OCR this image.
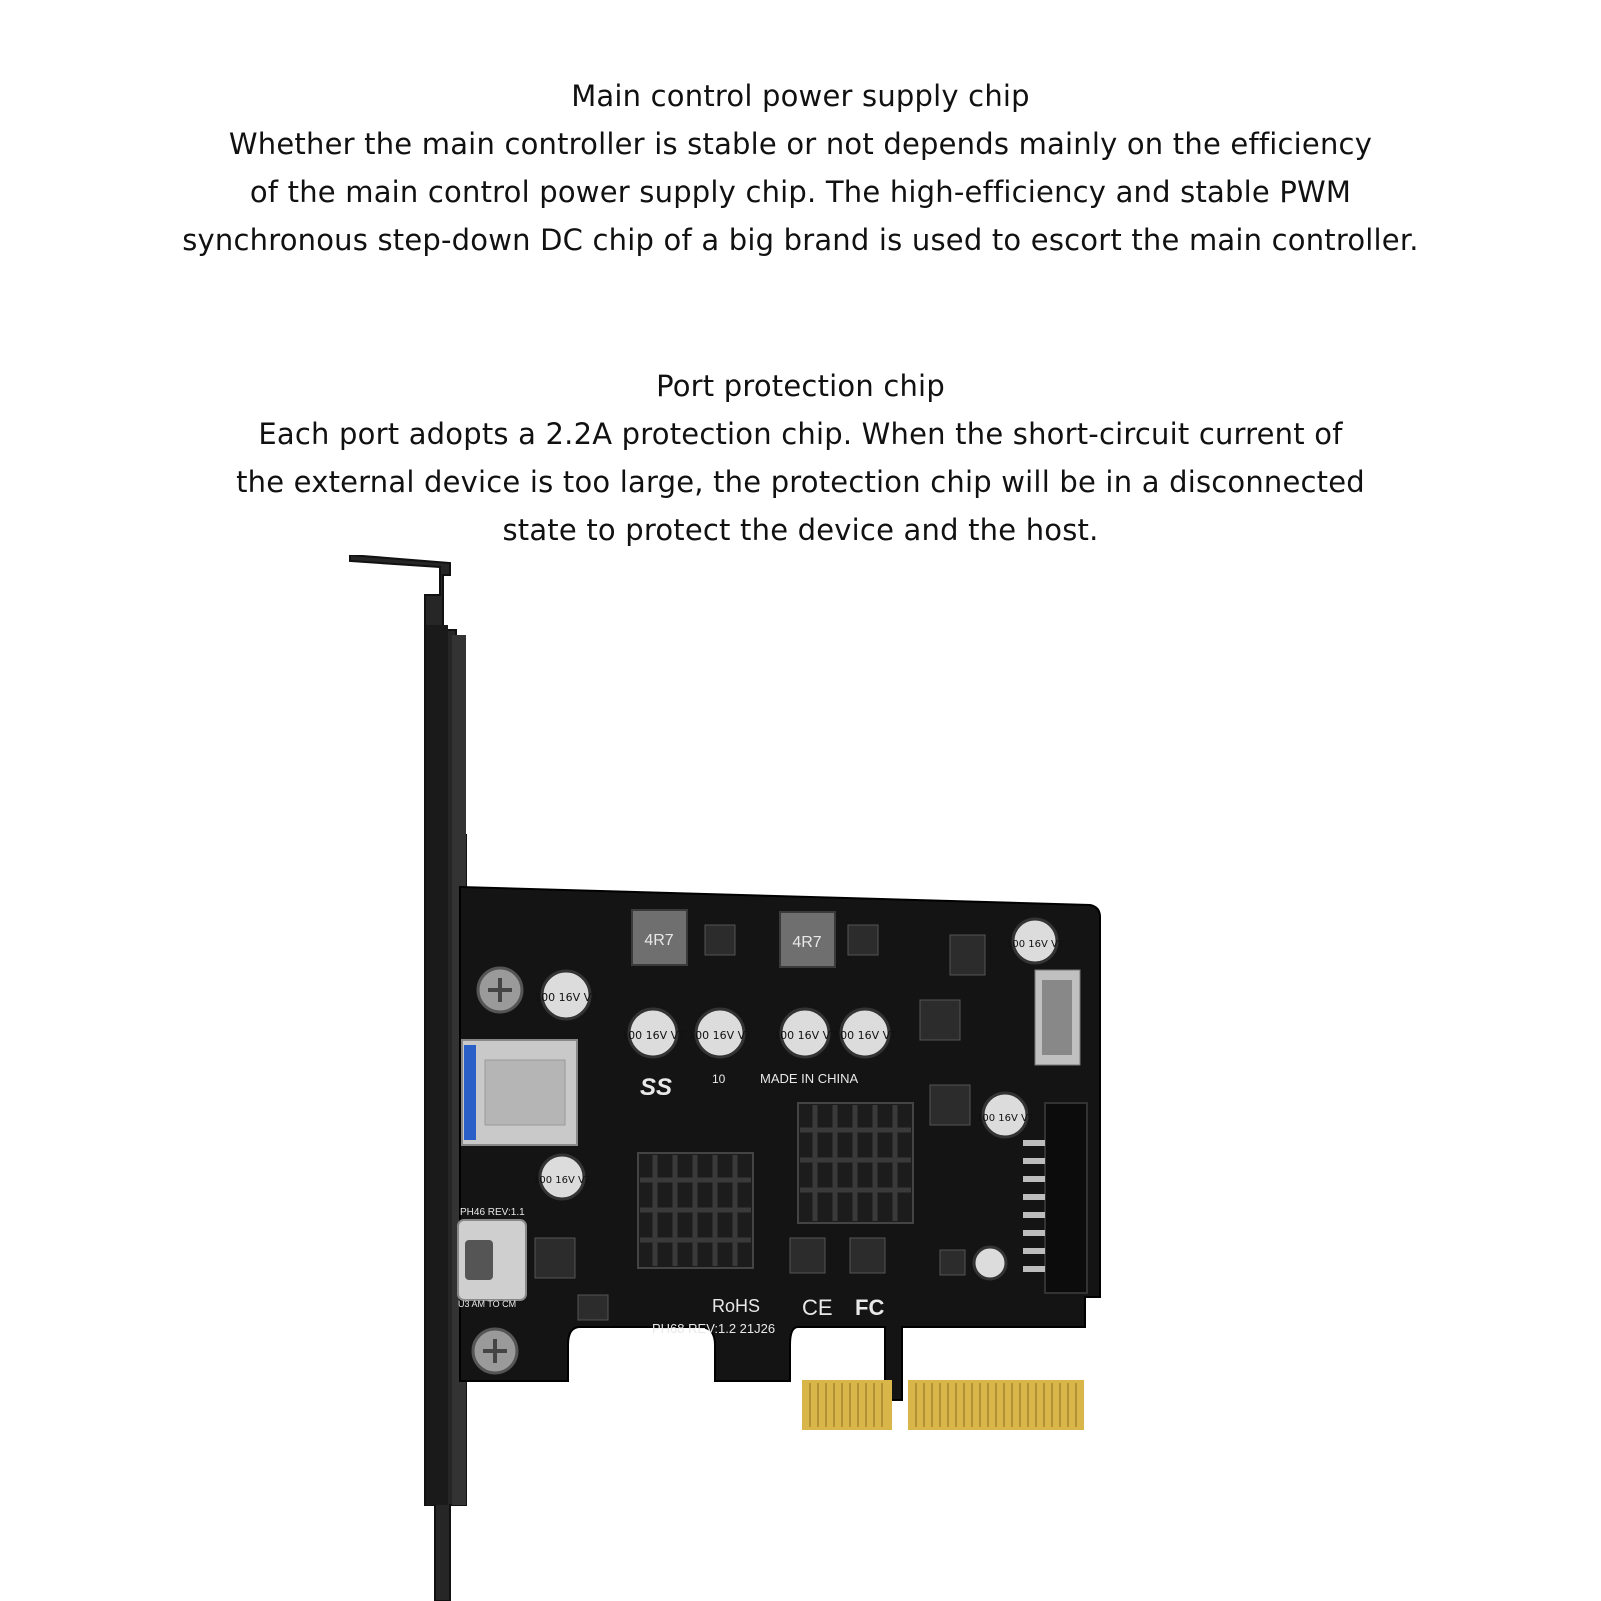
Main control power supply chip
Whether the main controller is stable or not depends mainly on the efficiency
of the main control power supply chip. The high-efficiency and stable PWM
synchronous step-down DC chip of a big brand is used to escort the main controller.
Port protection chip
Each port adopts a 2.2A protection chip. When the short-circuit current of
the external device is too large, the protection chip will be in a disconnected
state to protect the device and the host.
4R7	4R7
100 16V VT
100 16V VT 100 16V VT 100 16V VT
100 16V VT
100 16V VT
100 16V VT
100 16V VT
SS	10	MADE IN CHINA
RoHS CE FC
PH68 REV:1.2 21J26
PH46 REV:1.1
U3 AM TO CM
